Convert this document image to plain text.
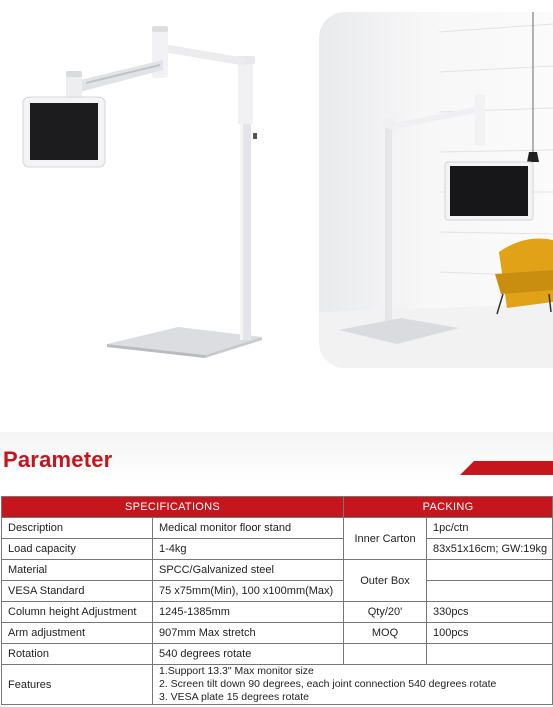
Parameter
SPECIFICATIONS		PACKING	
Description	Medical monitor floor stand	Inner Carton	1pc/ctn
Load capacity	1-4kg		83x51x16cm; GW:19kg
Material	SPCC/Galvanized steel	Outer Box	
VESA Standard	75 x75mm(Min), 100 x100mm(Max)		
Column height Adjustment	1245-1385mm	Qty/20'	330pcs
Arm adjustment	907mm Max stretch	MOQ	100pcs
Rotation	540 degrees rotate		
Features	1.Support 13.3" Max monitor size
2. Screen tilt down 90 degrees, each joint connection 540 degrees rotate
3. VESA plate 15 degrees rotate		
